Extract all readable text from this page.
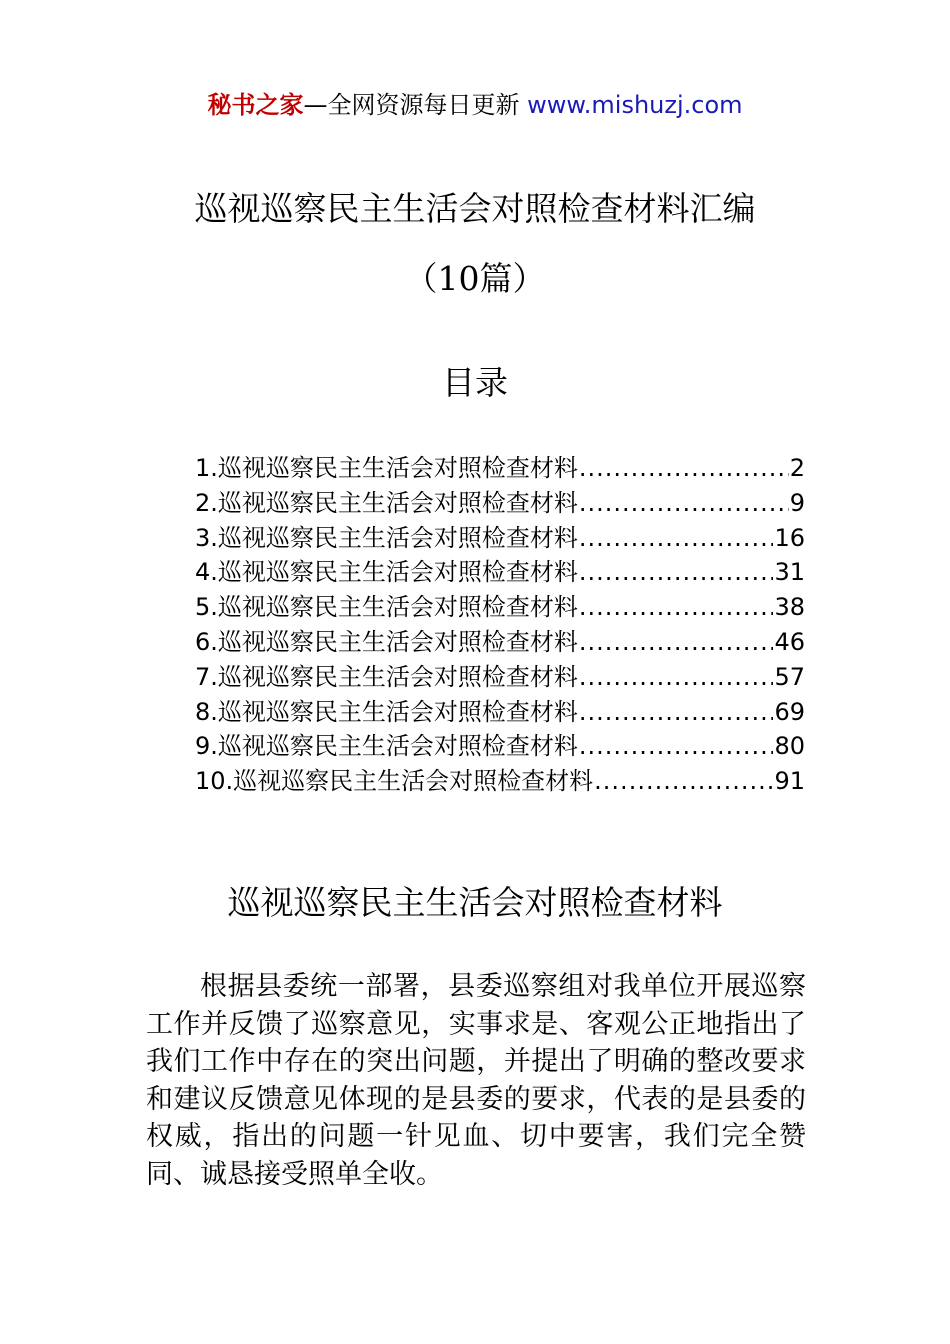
秘书之家—全网资源每日更新 www.mishuzj.com
巡视巡察民主生活会对照检查材料汇编
（10篇）
目录
1.巡视巡察民主生活会对照检查材料 .....	2
2.巡视巡察民主生活会对照检查材料 .....	9
3.巡视巡察民主生活会对照检查材料 .....	16
4.巡视巡察民主生活会对照检查材料 .....	31
5.巡视巡察民主生活会对照检查材料 .....	38
6.巡视巡察民主生活会对照检查材料 .....	46
7.巡视巡察民主生活会对照检查材料 .....	57
8.巡视巡察民主生活会对照检查材料 .....	69
9.巡视巡察民主生活会对照检查材料 .....	80
10.巡视巡察民主生活会对照检查材料 .....	91
巡视巡察民主生活会对照检查材料

根据县委统一部署，县委巡察组对我单位开展巡察工作并反馈了巡察意见，实事求是、客观公正地指出了我们工作中存在的突出问题，并提出了明确的整改要求和建议反馈意见体现的是县委的要求，代表的是县委的权威，指出的问题一针见血、切中要害，我们完全赞同、诚恳接受照单全收。
